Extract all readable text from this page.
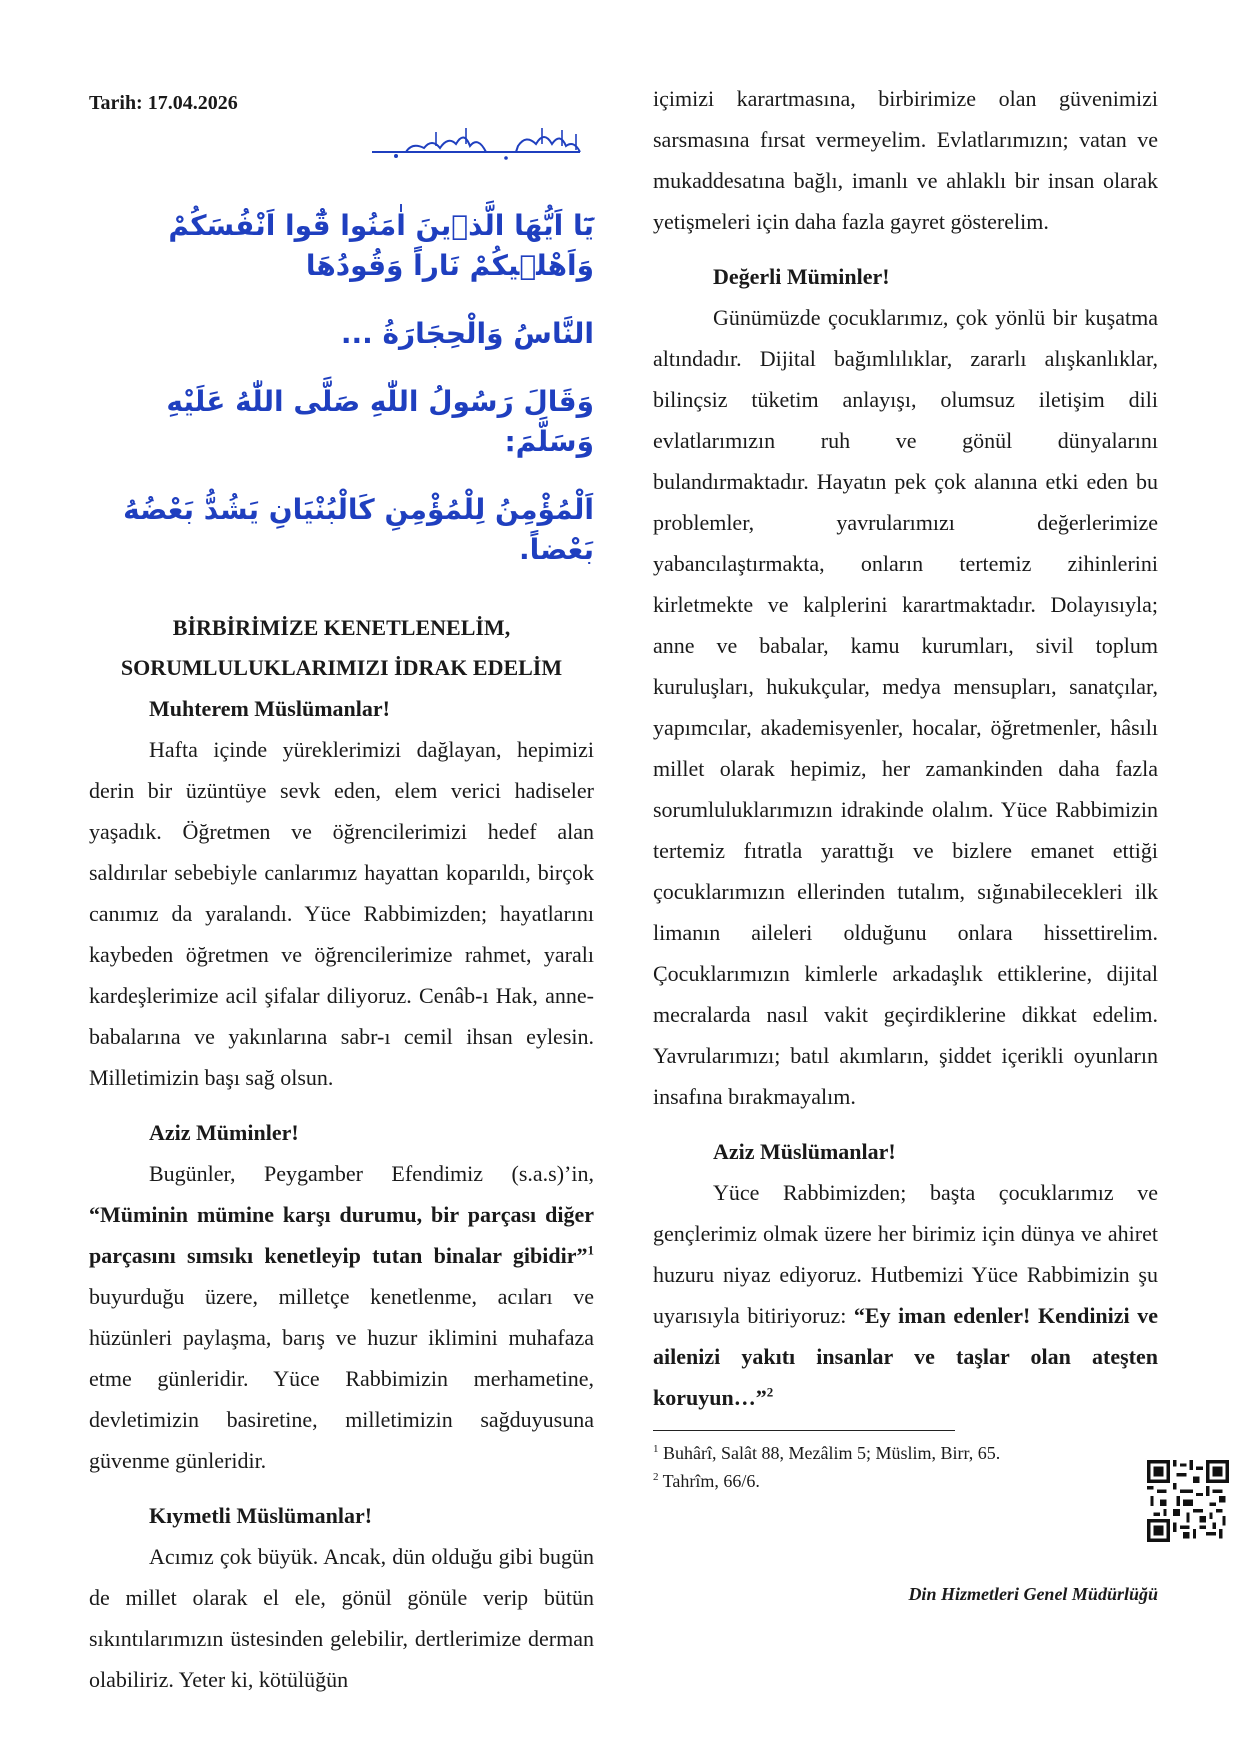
Tarih: 17.04.2026

يَٓا اَيُّهَا الَّذ۪ينَ اٰمَنُوا قُٓوا اَنْفُسَكُمْ وَاَهْل۪يكُمْ نَاراً وَقُودُهَا

النَّاسُ وَالْحِجَارَةُ ...

وَقَالَ رَسُولُ اللّٰهِ صَلَّى اللّٰهُ عَلَيْهِ وَسَلَّمَ:

اَلْمُؤْمِنُ لِلْمُؤْمِنِ كَالْبُنْيَانِ يَشُدُّ بَعْضُهُ بَعْضاً.

BİRBİRİMİZE KENETLENELİM,
SORUMLULUKLARIMIZI İDRAK EDELİM
Muhterem Müslümanlar!

Hafta içinde yüreklerimizi dağlayan, hepimizi derin bir üzüntüye sevk eden, elem verici hadiseler yaşadık. Öğretmen ve öğrencilerimizi hedef alan saldırılar sebebiyle canlarımız hayattan koparıldı, birçok canımız da yaralandı. Yüce Rabbimizden; hayatlarını kaybeden öğretmen ve öğrencilerimize rahmet, yaralı kardeşlerimize acil şifalar diliyoruz. Cenâb-ı Hak, anne-babalarına ve yakınlarına sabr-ı cemil ihsan eylesin. Milletimizin başı sağ olsun.

Aziz Müminler!

Bugünler, Peygamber Efendimiz (s.a.s)’in, “Müminin mümine karşı durumu, bir parçası diğer parçasını sımsıkı kenetleyip tutan binalar gibidir”$^1$ buyurduğu üzere, milletçe kenetlenme, acıları ve hüzünleri paylaşma, barış ve huzur iklimini muhafaza etme günleridir. Yüce Rabbimizin merhametine, devletimizin basiretine, milletimizin sağduyusuna güvenme günleridir.

Kıymetli Müslümanlar!

Acımız çok büyük. Ancak, dün olduğu gibi bugün de millet olarak el ele, gönül gönüle verip bütün sıkıntılarımızın üstesinden gelebilir, dertlerimize derman olabiliriz. Yeter ki, kötülüğün

içimizi karartmasına, birbirimize olan güvenimizi sarsmasına fırsat vermeyelim. Evlatlarımızın; vatan ve mukaddesatına bağlı, imanlı ve ahlaklı bir insan olarak yetişmeleri için daha fazla gayret gösterelim.

Değerli Müminler!

Günümüzde çocuklarımız, çok yönlü bir kuşatma altındadır. Dijital bağımlılıklar, zararlı alışkanlıklar, bilinçsiz tüketim anlayışı, olumsuz iletişim dili evlatlarımızın ruh ve gönül dünyalarını bulandırmaktadır. Hayatın pek çok alanına etki eden bu problemler, yavrularımızı değerlerimize yabancılaştırmakta, onların tertemiz zihinlerini kirletmekte ve kalplerini karartmaktadır. Dolayısıyla; anne ve babalar, kamu kurumları, sivil toplum kuruluşları, hukukçular, medya mensupları, sanatçılar, yapımcılar, akademisyenler, hocalar, öğretmenler, hâsılı millet olarak hepimiz, her zamankinden daha fazla sorumluluklarımızın idrakinde olalım. Yüce Rabbimizin tertemiz fıtratla yarattığı ve bizlere emanet ettiği çocuklarımızın ellerinden tutalım, sığınabilecekleri ilk limanın aileleri olduğunu onlara hissettirelim. Çocuklarımızın kimlerle arkadaşlık ettiklerine, dijital mecralarda nasıl vakit geçirdiklerine dikkat edelim. Yavrularımızı; batıl akımların, şiddet içerikli oyunların insafına bırakmayalım.

Aziz Müslümanlar!

Yüce Rabbimizden; başta çocuklarımız ve gençlerimiz olmak üzere her birimiz için dünya ve ahiret huzuru niyaz ediyoruz. Hutbemizi Yüce Rabbimizin şu uyarısıyla bitiriyoruz: “Ey iman edenler! Kendinizi ve ailenizi yakıtı insanlar ve taşlar olan ateşten koruyun…”$^2$

$^1$ Buhârî, Salât 88, Mezâlim 5; Müslim, Birr, 65.
$^2$ Tahrîm, 66/6.
Din Hizmetleri Genel Müdürlüğü
